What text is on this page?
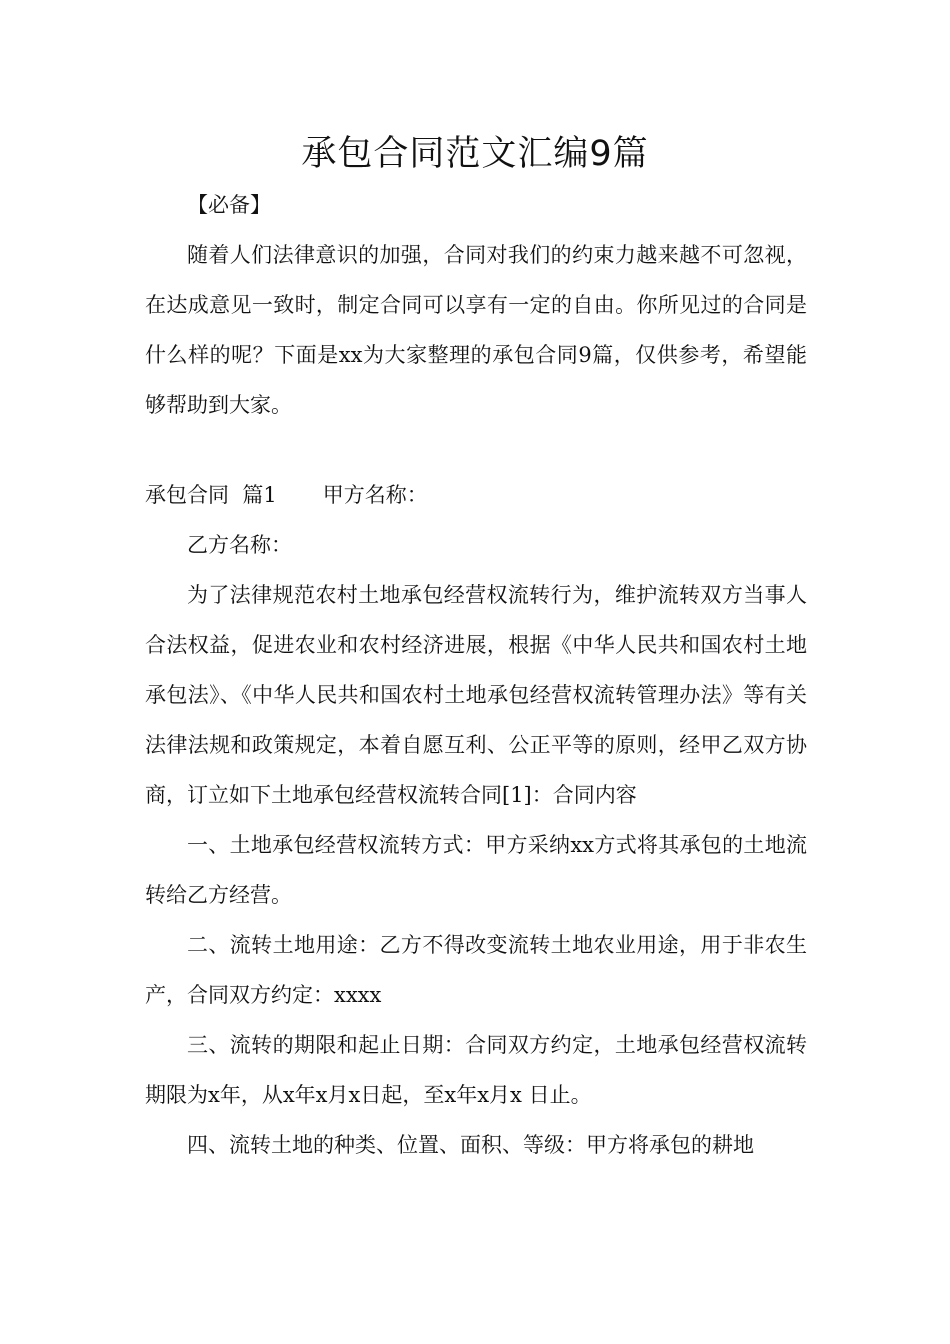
承包合同范文汇编9篇

【必备】

随着人们法律意识的加强，合同对我们的约束力越来越不可忽视，在达成意见一致时，制定合同可以享有一定的自由。你所见过的合同是什么样的呢？下面是xx为大家整理的承包合同9篇，仅供参考，希望能够帮助到大家。

承包合同  篇1 甲方名称：

乙方名称：

为了法律规范农村土地承包经营权流转行为，维护流转双方当事人合法权益，促进农业和农村经济进展，根据《中华人民共和国农村土地承包法》、《中华人民共和国农村土地承包经营权流转管理办法》等有关法律法规和政策规定，本着自愿互利、公正平等的原则，经甲乙双方协商，订立如下土地承包经营权流转合同[1]：合同内容

一、土地承包经营权流转方式：甲方采纳xx方式将其承包的土地流转给乙方经营。

二、流转土地用途：乙方不得改变流转土地农业用途，用于非农生产，合同双方约定：xxxx

三、流转的期限和起止日期：合同双方约定，土地承包经营权流转期限为x年，从x年x月x日起，至x年x月x 日止。

四、流转土地的种类、位置、面积、等级：甲方将承包的耕地
